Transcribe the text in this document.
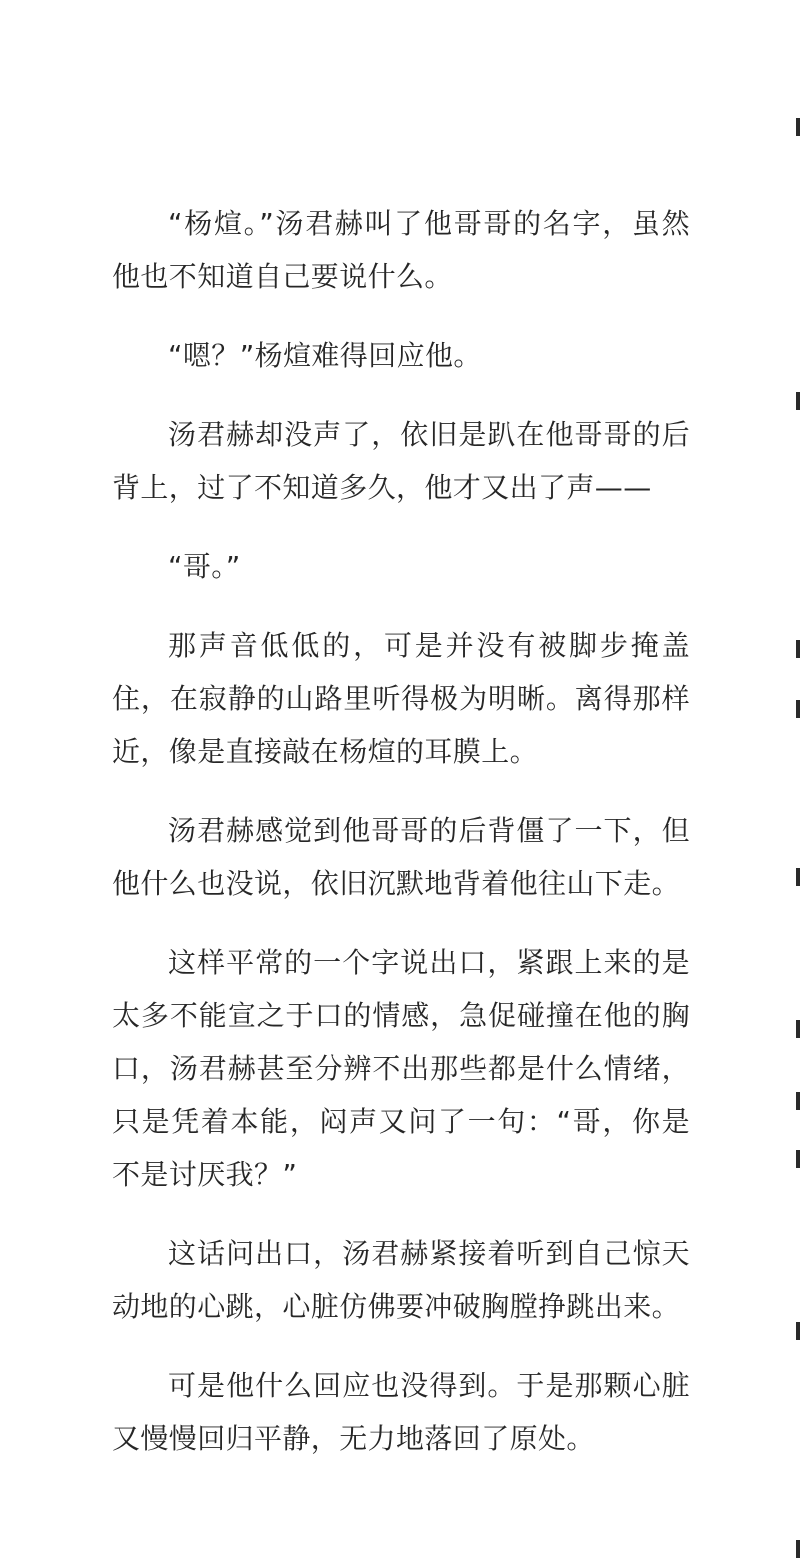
“杨煊。”汤君赫叫了他哥哥的名字，虽然他也不知道自己要说什么。

“嗯？”杨煊难得回应他。

汤君赫却没声了，依旧是趴在他哥哥的后背上，过了不知道多久，他才又出了声——

“哥。”

那声音低低的，可是并没有被脚步掩盖住，在寂静的山路里听得极为明晰。离得那样近，像是直接敲在杨煊的耳膜上。

汤君赫感觉到他哥哥的后背僵了一下，但他什么也没说，依旧沉默地背着他往山下走。

这样平常的一个字说出口，紧跟上来的是太多不能宣之于口的情感，急促碰撞在他的胸口，汤君赫甚至分辨不出那些都是什么情绪，只是凭着本能，闷声又问了一句：“哥，你是不是讨厌我？”

这话问出口，汤君赫紧接着听到自己惊天动地的心跳，心脏仿佛要冲破胸膛挣跳出来。

可是他什么回应也没得到。于是那颗心脏又慢慢回归平静，无力地落回了原处。
